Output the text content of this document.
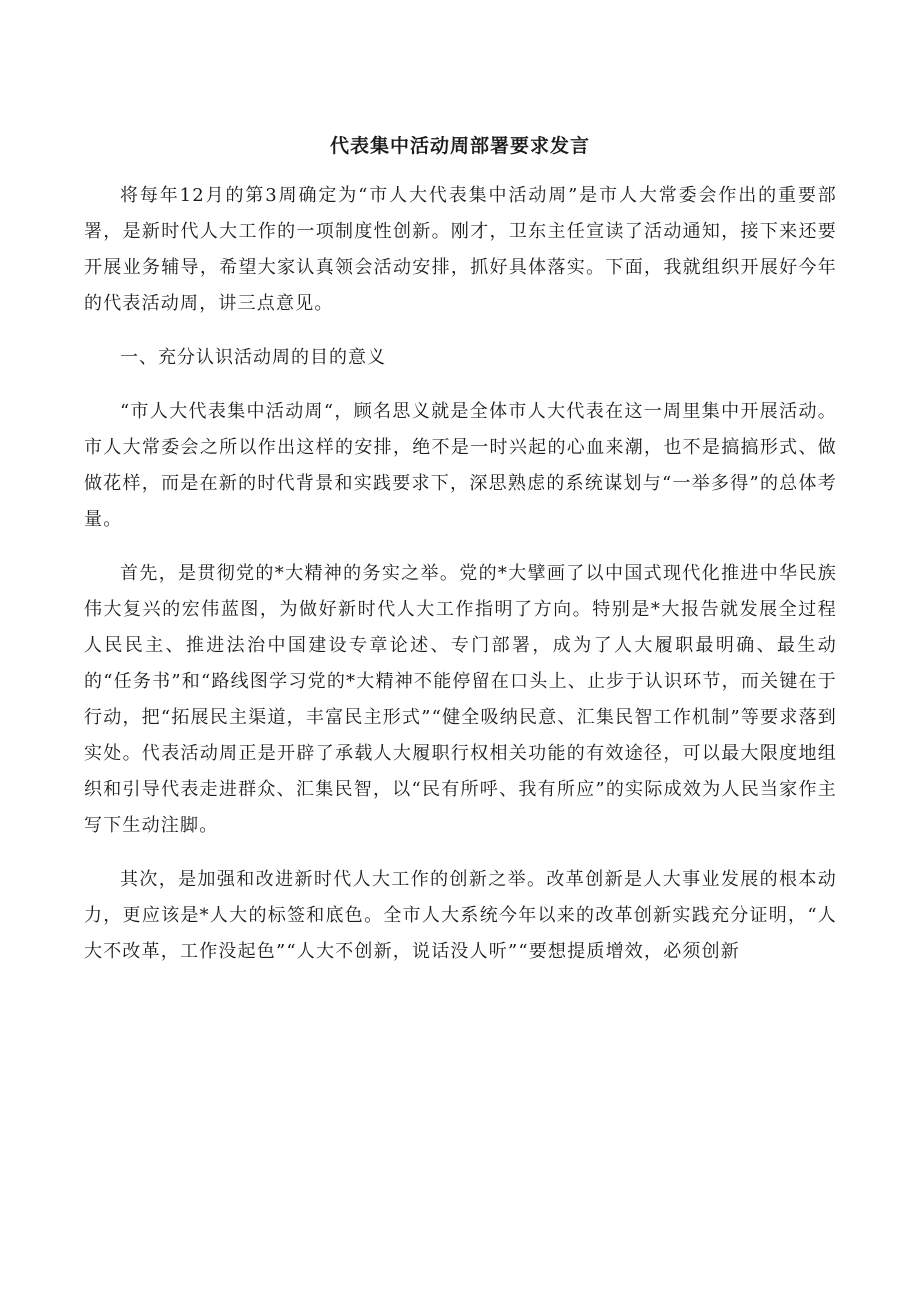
代表集中活动周部署要求发言

将每年12月的第3周确定为“市人大代表集中活动周”是市人大常委会作出的重要部署，是新时代人大工作的一项制度性创新。刚才，卫东主任宣读了活动通知，接下来还要开展业务辅导，希望大家认真领会活动安排，抓好具体落实。下面，我就组织开展好今年的代表活动周，讲三点意见。

一、充分认识活动周的目的意义

“市人大代表集中活动周“，顾名思义就是全体市人大代表在这一周里集中开展活动。市人大常委会之所以作出这样的安排，绝不是一时兴起的心血来潮，也不是搞搞形式、做做花样，而是在新的时代背景和实践要求下，深思熟虑的系统谋划与“一举多得”的总体考量。

首先，是贯彻党的*大精神的务实之举。党的*大擘画了以中国式现代化推进中华民族伟大复兴的宏伟蓝图，为做好新时代人大工作指明了方向。特别是*大报告就发展全过程人民民主、推进法治中国建设专章论述、专门部署，成为了人大履职最明确、最生动的“任务书”和“路线图学习党的*大精神不能停留在口头上、止步于认识环节，而关键在于行动，把“拓展民主渠道，丰富民主形式”“健全吸纳民意、汇集民智工作机制”等要求落到实处。代表活动周正是开辟了承载人大履职行权相关功能的有效途径，可以最大限度地组织和引导代表走进群众、汇集民智，以“民有所呼、我有所应”的实际成效为人民当家作主写下生动注脚。

其次，是加强和改进新时代人大工作的创新之举。改革创新是人大事业发展的根本动力，更应该是*人大的标签和底色。全市人大系统今年以来的改革创新实践充分证明，“人大不改革，工作没起色”“人大不创新，说话没人听”“要想提质增效，必须创新
